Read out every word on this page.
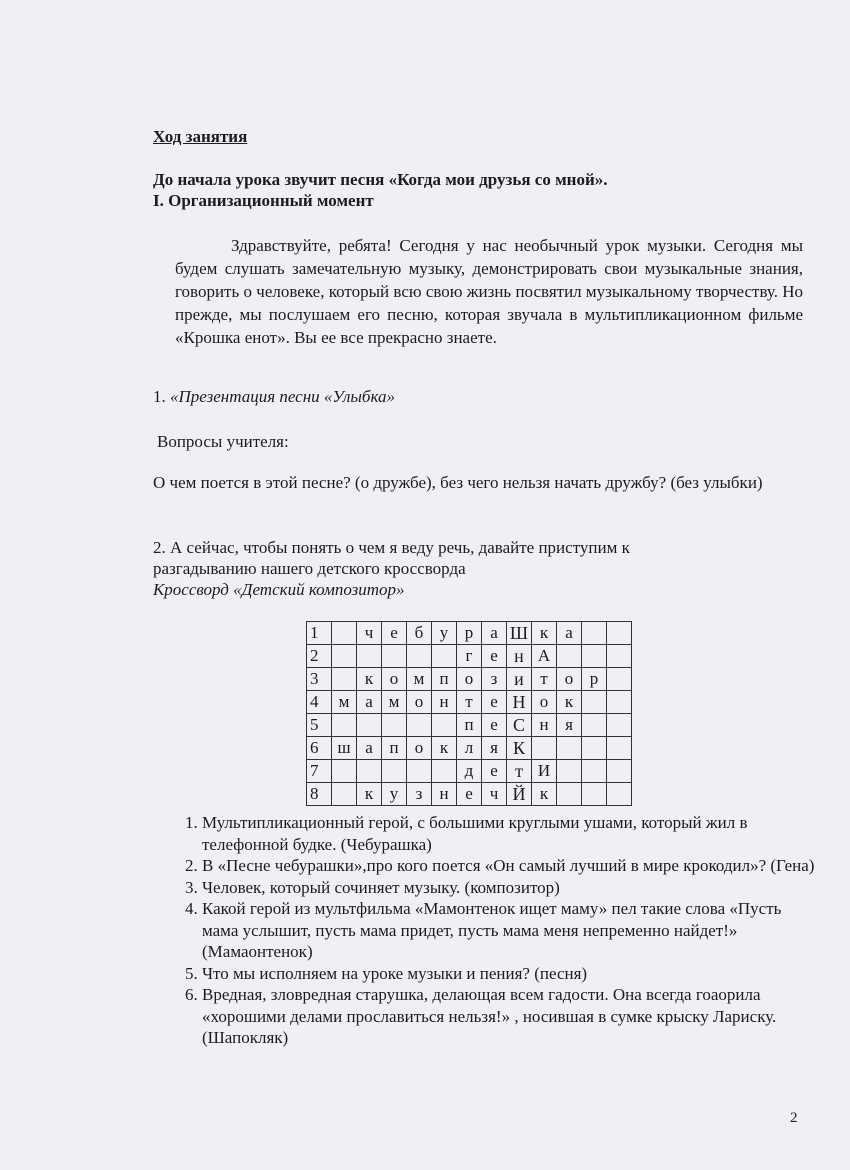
Ход занятия
До начала урока звучит песня «Когда мои друзья со мной».
I. Организационный момент

Здравствуйте, ребята! Сегодня у нас необычный урок музыки. Сегодня мы будем слушать замечательную музыку, демонстрировать свои музыкальные знания, говорить о человеке, который всю свою жизнь посвятил музыкальному творчеству. Но прежде, мы послушаем его песню, которая звучала в мультипликационном фильме «Крошка енот». Вы ее все прекрасно знаете.

1. «Презентация песни «Улыбка»
Вопросы учителя:
О чем поется в этой песне? (о дружбе), без чего нельзя начать дружбу? (без улыбки)
2. А сейчас, чтобы понять о чем я веду речь, давайте приступим к
разгадыванию нашего детского кроссворда
Кроссворд «Детский композитор»
1		ч	е	б	у	р	а	Ш	к	а		
2						г	е	н	А			
3		к	о	м	п	о	з	и	т	о	р	
4	м	а	м	о	н	т	е	Н	о	к		
5						п	е	С	н	я		
6	ш	а	п	о	к	л	я	К				
7						д	е	т	И			
8		к	у	з	н	е	ч	Й	к			
1. Мультипликационный герой, с большими круглыми ушами, который жил в телефонной будке. (Чебурашка)
2. В «Песне чебурашки»,про кого поется «Он самый лучший в мире крокодил»? (Гена)
3. Человек, который сочиняет музыку. (композитор)
4. Какой герой из мультфильма «Мамонтенок ищет маму» пел такие слова «Пусть мама услышит, пусть мама придет, пусть мама меня непременно найдет!» (Мамаонтенок)
5. Что мы исполняем на уроке музыки и пения? (песня)
6. Вредная, зловредная старушка, делающая всем гадости. Она всегда гоаорила «хорошими делами прославиться нельзя!» , носившая в сумке крыску Лариску. (Шапокляк)
2
